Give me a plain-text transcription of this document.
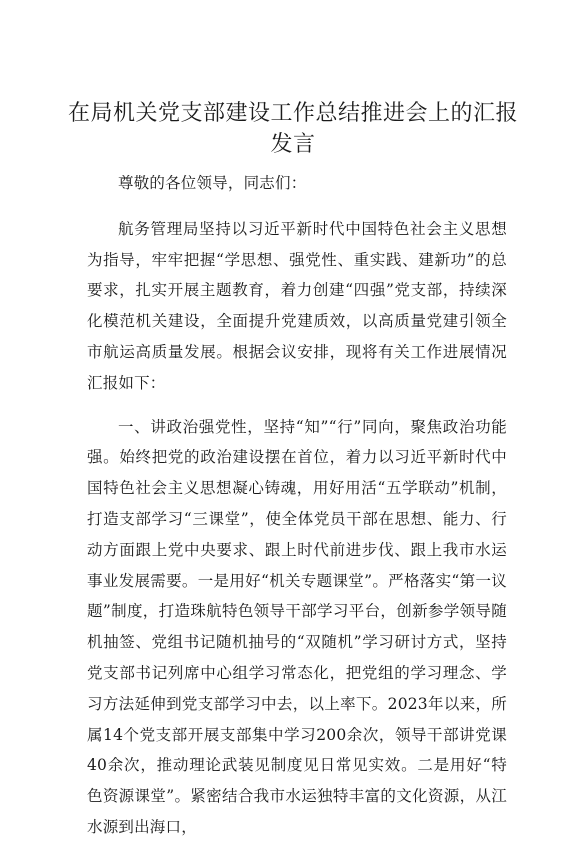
在局机关党支部建设工作总结推进会上的汇报发言

尊敬的各位领导，同志们：

航务管理局坚持以习近平新时代中国特色社会主义思想为指导，牢牢把握“学思想、强党性、重实践、建新功”的总要求，扎实开展主题教育，着力创建“四强”党支部，持续深化模范机关建设，全面提升党建质效，以高质量党建引领全市航运高质量发展。根据会议安排，现将有关工作进展情况汇报如下：

一、讲政治强党性，坚持“知”“行”同向，聚焦政治功能强。始终把党的政治建设摆在首位，着力以习近平新时代中国特色社会主义思想凝心铸魂，用好用活“五学联动”机制，打造支部学习“三课堂”，使全体党员干部在思想、能力、行动方面跟上党中央要求、跟上时代前进步伐、跟上我市水运事业发展需要。一是用好“机关专题课堂”。严格落实“第一议题”制度，打造珠航特色领导干部学习平台，创新参学领导随机抽签、党组书记随机抽号的“双随机”学习研讨方式，坚持党支部书记列席中心组学习常态化，把党组的学习理念、学习方法延伸到党支部学习中去，以上率下。2023年以来，所属14个党支部开展支部集中学习200余次，领导干部讲党课40余次，推动理论武装见制度见日常见实效。二是用好“特色资源课堂”。紧密结合我市水运独特丰富的文化资源，从江水源到出海口，
